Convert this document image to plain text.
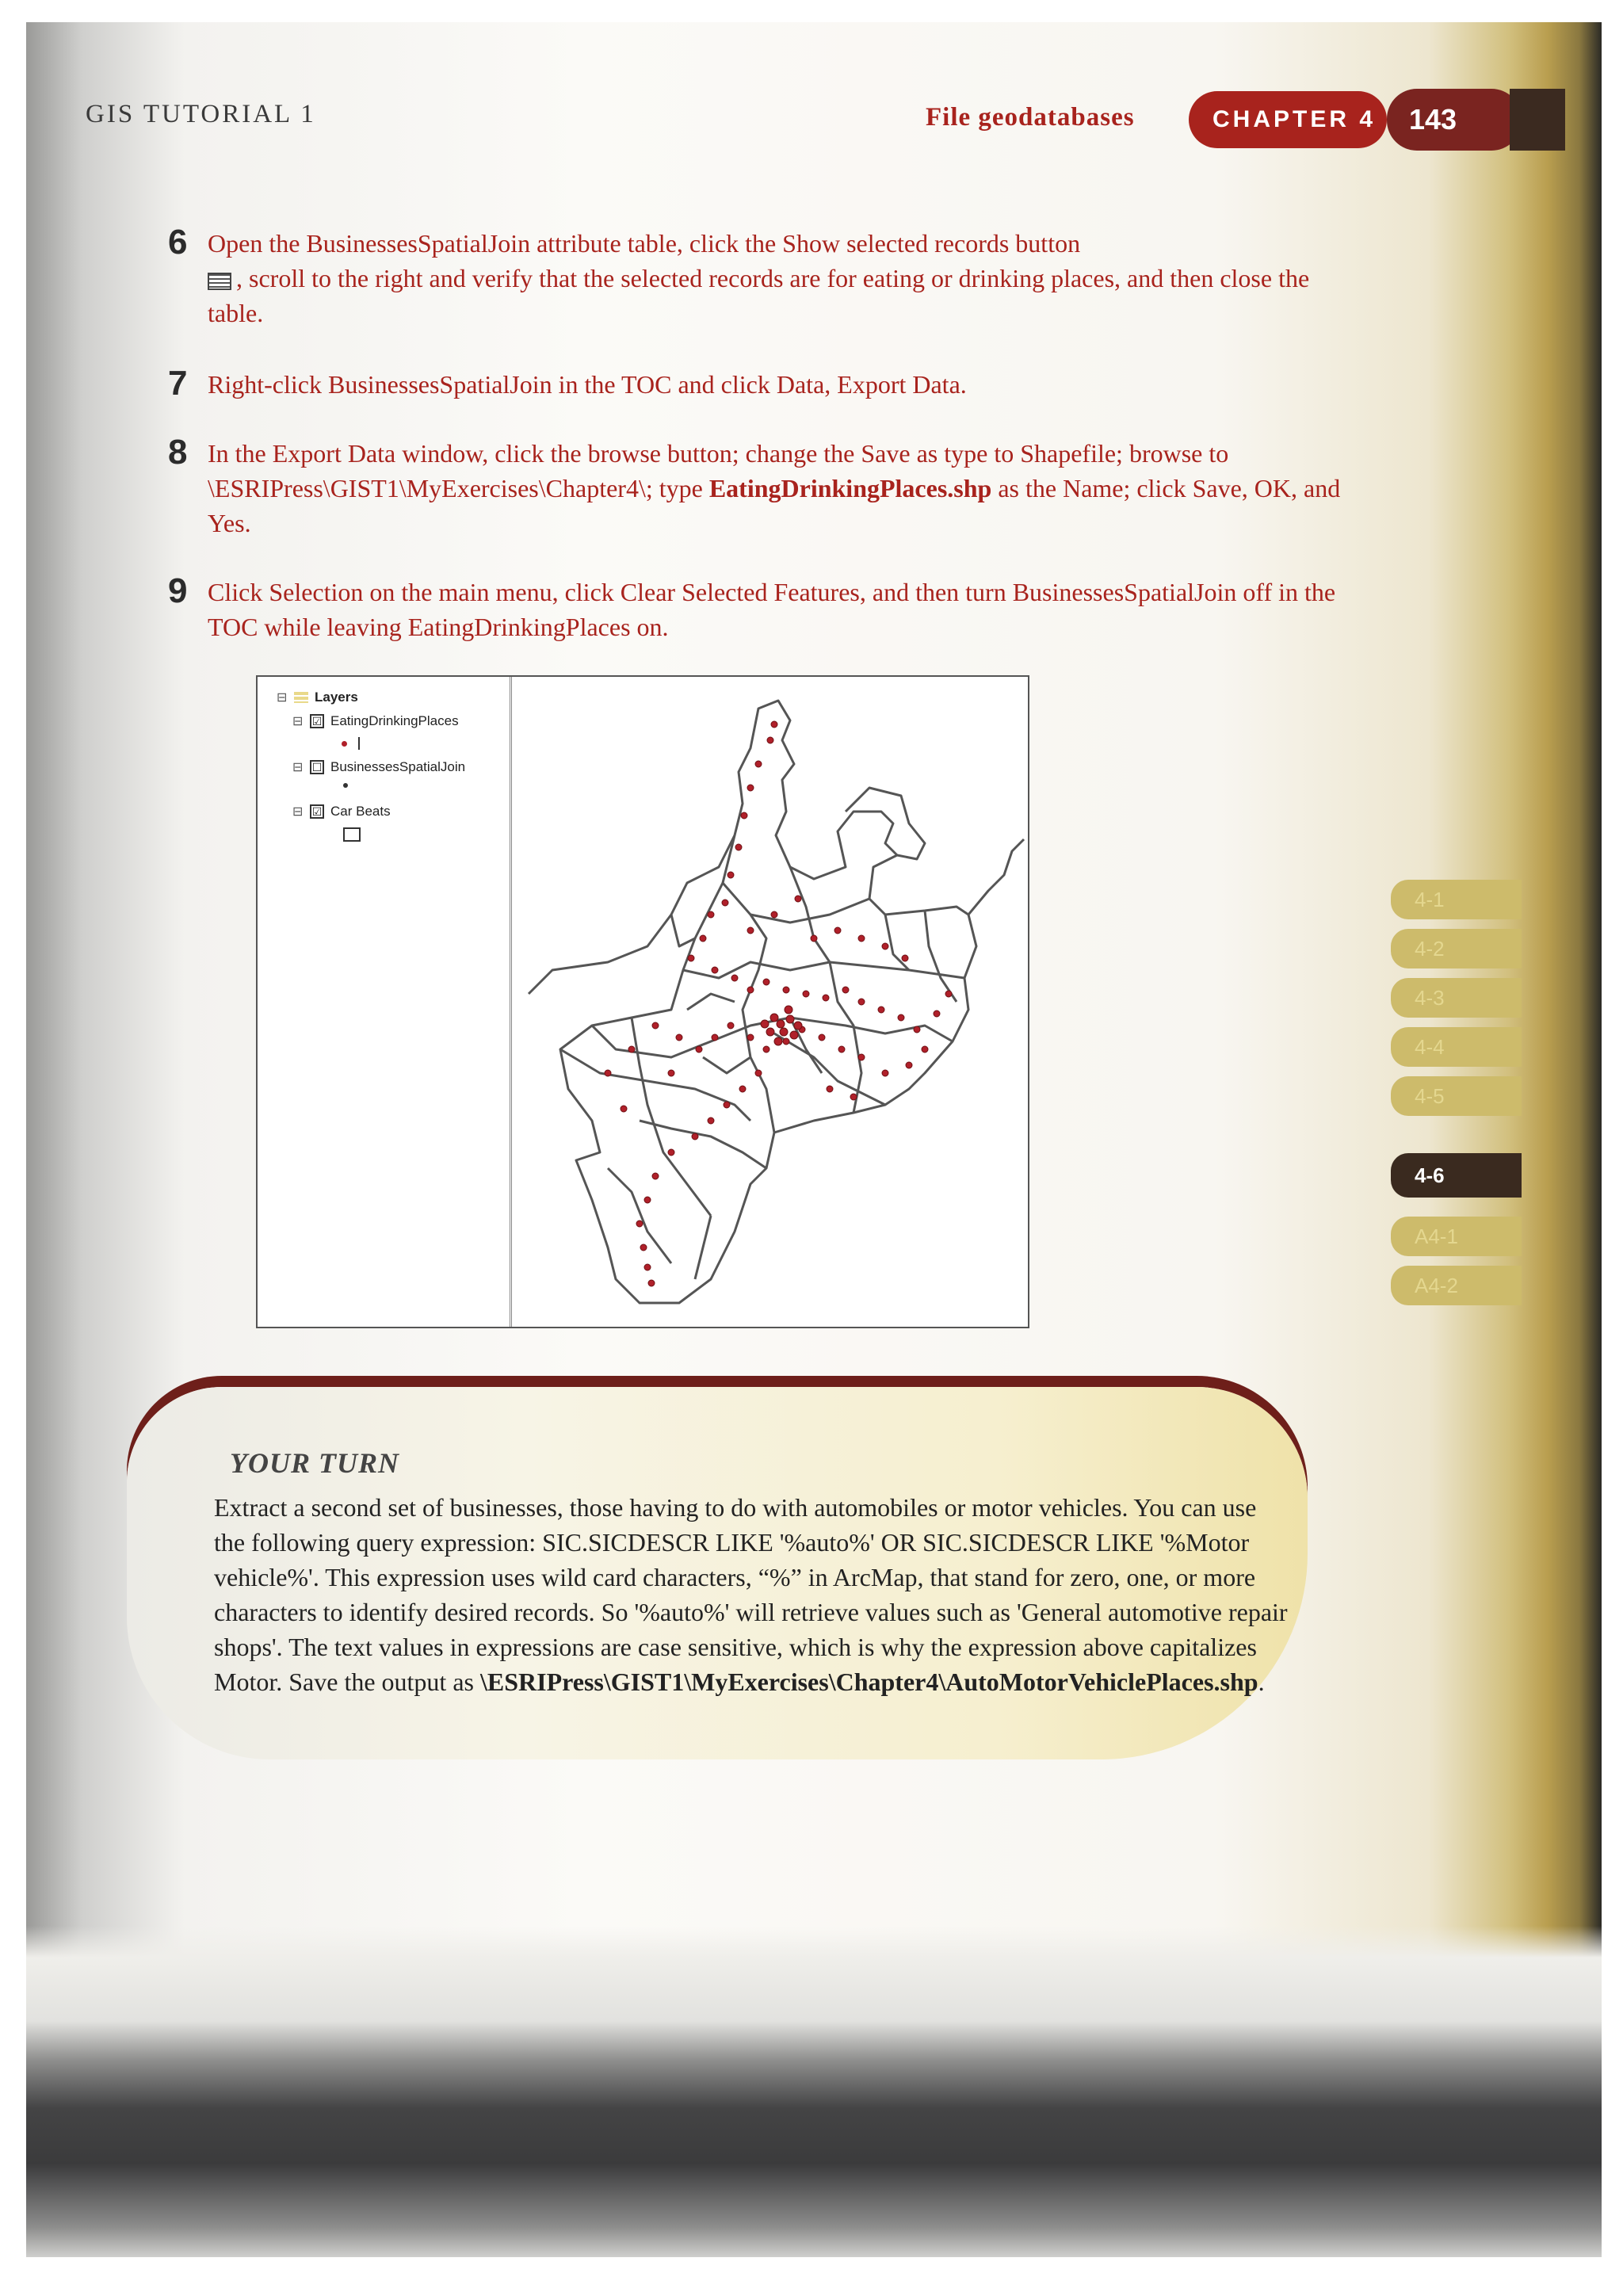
GIS TUTORIAL 1	File geodatabases	CHAPTER 4	143
6 Open the BusinessesSpatialJoin attribute table, click the Show selected records button
, scroll to the right and verify that the selected records are for eating or drinking places, and then close the table.
7 Right-click BusinessesSpatialJoin in the TOC and click Data, Export Data.
8 In the Export Data window, click the browse button; change the Save as type to Shapefile; browse to \ESRIPress\GIST1\MyExercises\Chapter4\; type EatingDrinkingPlaces.shp as the Name; click Save, OK, and Yes.
9 Click Selection on the main menu, click Clear Selected Features, and then turn BusinessesSpatialJoin off in the TOC while leaving EatingDrinkingPlaces on.
⊟ Layers
⊟ ☑ EatingDrinkingPlaces
⊟ ☐ BusinessesSpatialJoin
⊟ ☑ Car Beats
YOUR TURN
Extract a second set of businesses, those having to do with automobiles or motor vehicles. You can use the following query expression: SIC.SICDESCR LIKE '%auto%' OR SIC.SICDESCR LIKE '%Motor vehicle%'. This expression uses wild card characters, “%” in ArcMap, that stand for zero, one, or more characters to identify desired records. So '%auto%' will retrieve values such as 'General automotive repair shops'. The text values in expressions are case sensitive, which is why the expression above capitalizes Motor. Save the output as \ESRIPress\GIST1\MyExercises\Chapter4\AutoMotorVehiclePlaces.shp.
4-1
4-2
4-3
4-4
4-5
4-6
A4-1
A4-2
